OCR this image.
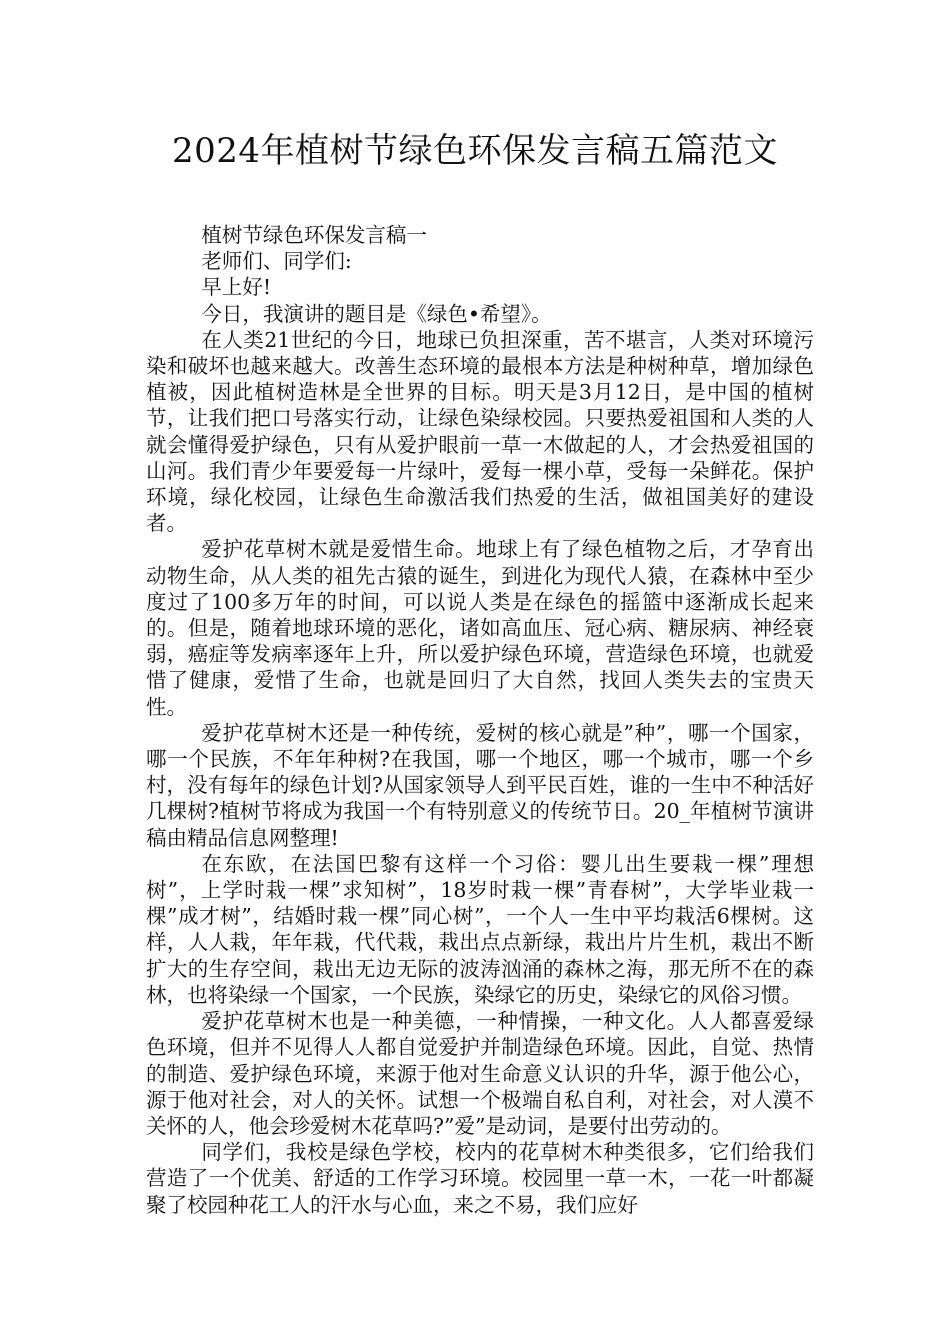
2024年植树节绿色环保发言稿五篇范文

植树节绿色环保发言稿一

老师们、同学们:

早上好!

今日，我演讲的题目是《绿色•希望》。

在人类21世纪的今日，地球已负担深重，苦不堪言，人类对环境污染和破坏也越来越大。改善生态环境的最根本方法是种树种草，增加绿色植被，因此植树造林是全世界的目标。明天是3月12日，是中国的植树节，让我们把口号落实行动，让绿色染绿校园。只要热爱祖国和人类的人就会懂得爱护绿色，只有从爱护眼前一草一木做起的人，才会热爱祖国的山河。我们青少年要爱每一片绿叶，爱每一棵小草，受每一朵鲜花。保护环境，绿化校园，让绿色生命激活我们热爱的生活，做祖国美好的建设者。

爱护花草树木就是爱惜生命。地球上有了绿色植物之后，才孕育出动物生命，从人类的祖先古猿的诞生，到进化为现代人猿，在森林中至少度过了100多万年的时间，可以说人类是在绿色的摇篮中逐渐成长起来的。但是，随着地球环境的恶化，诸如高血压、冠心病、糖尿病、神经衰弱，癌症等发病率逐年上升，所以爱护绿色环境，营造绿色环境，也就爱惜了健康，爱惜了生命，也就是回归了大自然，找回人类失去的宝贵天性。

爱护花草树木还是一种传统，爱树的核心就是”种”，哪一个国家，哪一个民族，不年年种树?在我国，哪一个地区，哪一个城市，哪一个乡村，没有每年的绿色计划?从国家领导人到平民百姓，谁的一生中不种活好几棵树?植树节将成为我国一个有特别意义的传统节日。20_年植树节演讲稿由精品信息网整理!

在东欧，在法国巴黎有这样一个习俗：婴儿出生要栽一棵”理想树”，上学时栽一棵”求知树”，18岁时栽一棵”青春树”，大学毕业栽一棵”成才树”，结婚时栽一棵”同心树”，一个人一生中平均栽活6棵树。这样，人人栽，年年栽，代代栽，栽出点点新绿，栽出片片生机，栽出不断扩大的生存空间，栽出无边无际的波涛汹涌的森林之海，那无所不在的森林，也将染绿一个国家，一个民族，染绿它的历史，染绿它的风俗习惯。

爱护花草树木也是一种美德，一种情操，一种文化。人人都喜爱绿色环境，但并不见得人人都自觉爱护并制造绿色环境。因此，自觉、热情的制造、爱护绿色环境，来源于他对生命意义认识的升华，源于他公心，源于他对社会，对人的关怀。试想一个极端自私自利，对社会，对人漠不关怀的人，他会珍爱树木花草吗?”爱”是动词，是要付出劳动的。

同学们，我校是绿色学校，校内的花草树木种类很多，它们给我们营造了一个优美、舒适的工作学习环境。校园里一草一木，一花一叶都凝聚了校园种花工人的汗水与心血，来之不易，我们应好
